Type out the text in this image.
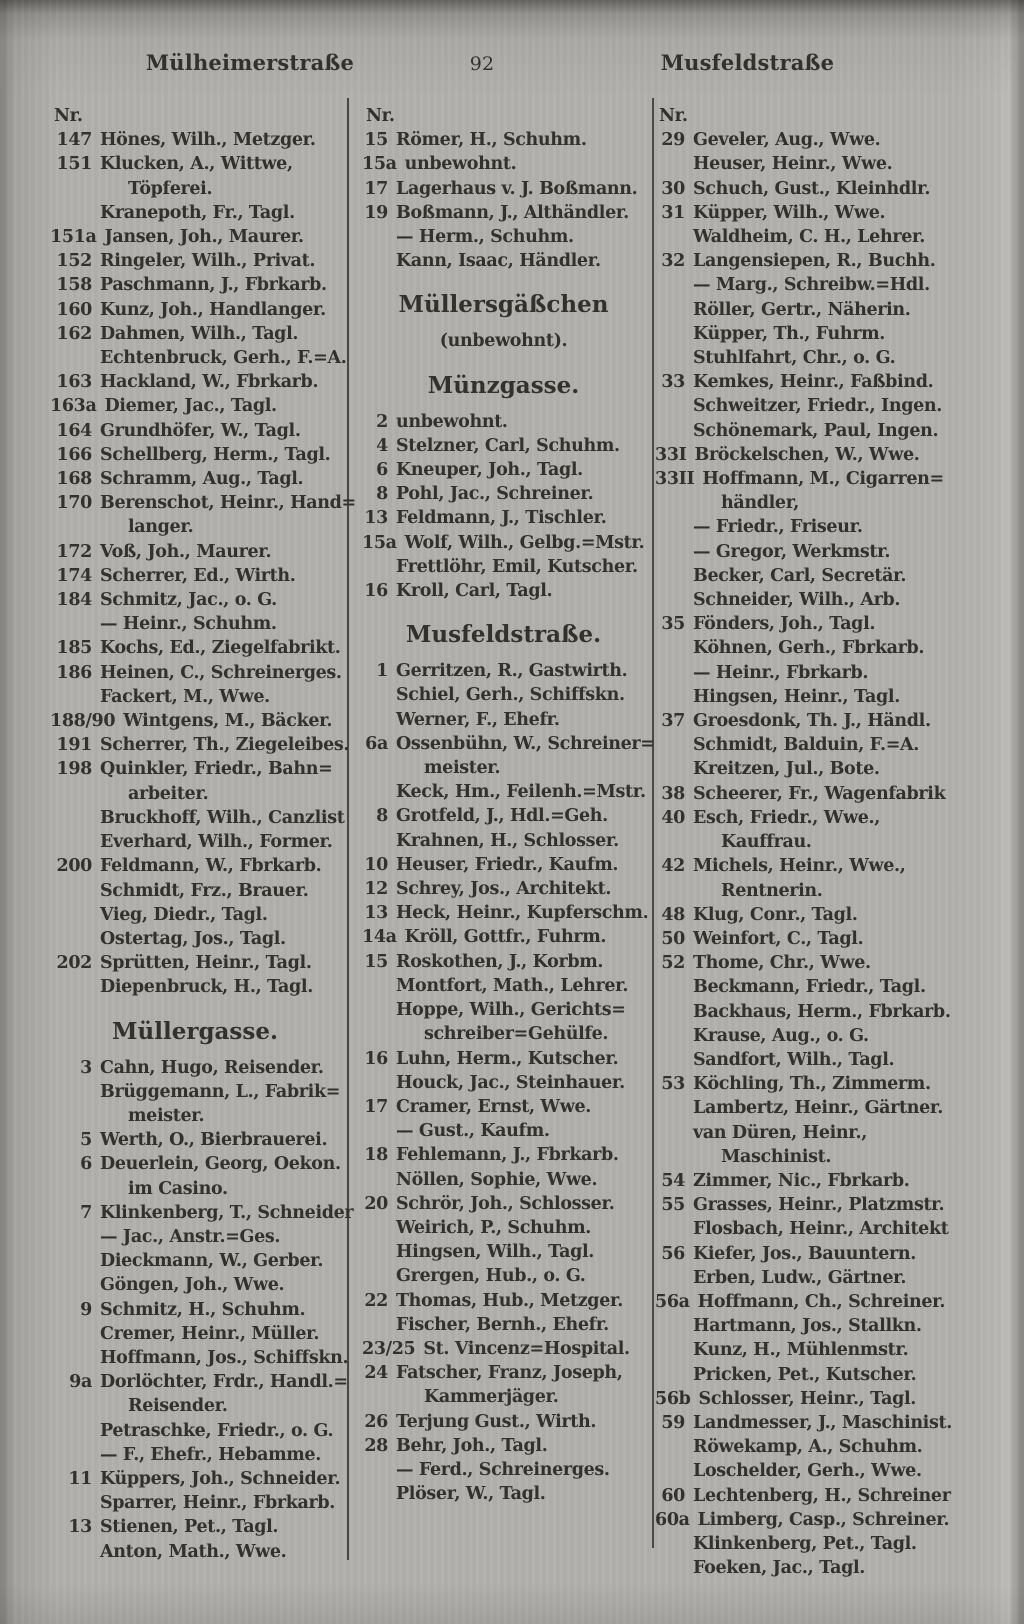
Mülheimerstraße	92	Musfeldstraße
Nr.
147 Hönes, Wilh., Metzger.
151 Klucken, A., Wittwe,
Töpferei.
Kranepoth, Fr., Tagl.
151a Jansen, Joh., Maurer.
152 Ringeler, Wilh., Privat.
158 Paschmann, J., Fbrkarb.
160 Kunz, Joh., Handlanger.
162 Dahmen, Wilh., Tagl.
Echtenbruck, Gerh., F.=A.
163 Hackland, W., Fbrkarb.
163a Diemer, Jac., Tagl.
164 Grundhöfer, W., Tagl.
166 Schellberg, Herm., Tagl.
168 Schramm, Aug., Tagl.
170 Berenschot, Heinr., Hand=
langer.
172 Voß, Joh., Maurer.
174 Scherrer, Ed., Wirth.
184 Schmitz, Jac., o. G.
— Heinr., Schuhm.
185 Kochs, Ed., Ziegelfabrikt.
186 Heinen, C., Schreinerges.
Fackert, M., Wwe.
188/90 Wintgens, M., Bäcker.
191 Scherrer, Th., Ziegeleibes.
198 Quinkler, Friedr., Bahn=
arbeiter.
Bruckhoff, Wilh., Canzlist
Everhard, Wilh., Former.
200 Feldmann, W., Fbrkarb.
Schmidt, Frz., Brauer.
Vieg, Diedr., Tagl.
Ostertag, Jos., Tagl.
202 Sprütten, Heinr., Tagl.
Diepenbruck, H., Tagl.
Müllergasse.
3 Cahn, Hugo, Reisender.
Brüggemann, L., Fabrik=
meister.
5 Werth, O., Bierbrauerei.
6 Deuerlein, Georg, Oekon.
im Casino.
7 Klinkenberg, T., Schneider
— Jac., Anstr.=Ges.
Dieckmann, W., Gerber.
Göngen, Joh., Wwe.
9 Schmitz, H., Schuhm.
Cremer, Heinr., Müller.
Hoffmann, Jos., Schiffskn.
9a Dorlöchter, Frdr., Handl.=
Reisender.
Petraschke, Friedr., o. G.
— F., Ehefr., Hebamme.
11 Küppers, Joh., Schneider.
Sparrer, Heinr., Fbrkarb.
13 Stienen, Pet., Tagl.
Anton, Math., Wwe.
Nr.
15 Römer, H., Schuhm.
15a unbewohnt.
17 Lagerhaus v. J. Boßmann.
19 Boßmann, J., Althändler.
— Herm., Schuhm.
Kann, Isaac, Händler.
Müllersgäßchen
(unbewohnt).
Münzgasse.
2 unbewohnt.
4 Stelzner, Carl, Schuhm.
6 Kneuper, Joh., Tagl.
8 Pohl, Jac., Schreiner.
13 Feldmann, J., Tischler.
15a Wolf, Wilh., Gelbg.=Mstr.
Frettlöhr, Emil, Kutscher.
16 Kroll, Carl, Tagl.
Musfeldstraße.
1 Gerritzen, R., Gastwirth.
Schiel, Gerh., Schiffskn.
Werner, F., Ehefr.
6a Ossenbühn, W., Schreiner=
meister.
Keck, Hm., Feilenh.=Mstr.
8 Grotfeld, J., Hdl.=Geh.
Krahnen, H., Schlosser.
10 Heuser, Friedr., Kaufm.
12 Schrey, Jos., Architekt.
13 Heck, Heinr., Kupferschm.
14a Kröll, Gottfr., Fuhrm.
15 Roskothen, J., Korbm.
Montfort, Math., Lehrer.
Hoppe, Wilh., Gerichts=
schreiber=Gehülfe.
16 Luhn, Herm., Kutscher.
Houck, Jac., Steinhauer.
17 Cramer, Ernst, Wwe.
— Gust., Kaufm.
18 Fehlemann, J., Fbrkarb.
Nöllen, Sophie, Wwe.
20 Schrör, Joh., Schlosser.
Weirich, P., Schuhm.
Hingsen, Wilh., Tagl.
Grergen, Hub., o. G.
22 Thomas, Hub., Metzger.
Fischer, Bernh., Ehefr.
23/25 St. Vincenz=Hospital.
24 Fatscher, Franz, Joseph,
Kammerjäger.
26 Terjung Gust., Wirth.
28 Behr, Joh., Tagl.
— Ferd., Schreinerges.
Plöser, W., Tagl.
Nr.
29 Geveler, Aug., Wwe.
Heuser, Heinr., Wwe.
30 Schuch, Gust., Kleinhdlr.
31 Küpper, Wilh., Wwe.
Waldheim, C. H., Lehrer.
32 Langensiepen, R., Buchh.
— Marg., Schreibw.=Hdl.
Röller, Gertr., Näherin.
Küpper, Th., Fuhrm.
Stuhlfahrt, Chr., o. G.
33 Kemkes, Heinr., Faßbind.
Schweitzer, Friedr., Ingen.
Schönemark, Paul, Ingen.
33I Bröckelschen, W., Wwe.
33II Hoffmann, M., Cigarren=
händler,
— Friedr., Friseur.
— Gregor, Werkmstr.
Becker, Carl, Secretär.
Schneider, Wilh., Arb.
35 Fönders, Joh., Tagl.
Köhnen, Gerh., Fbrkarb.
— Heinr., Fbrkarb.
Hingsen, Heinr., Tagl.
37 Groesdonk, Th. J., Händl.
Schmidt, Balduin, F.=A.
Kreitzen, Jul., Bote.
38 Scheerer, Fr., Wagenfabrik
40 Esch, Friedr., Wwe.,
Kauffrau.
42 Michels, Heinr., Wwe.,
Rentnerin.
48 Klug, Conr., Tagl.
50 Weinfort, C., Tagl.
52 Thome, Chr., Wwe.
Beckmann, Friedr., Tagl.
Backhaus, Herm., Fbrkarb.
Krause, Aug., o. G.
Sandfort, Wilh., Tagl.
53 Köchling, Th., Zimmerm.
Lambertz, Heinr., Gärtner.
van Düren, Heinr.,
Maschinist.
54 Zimmer, Nic., Fbrkarb.
55 Grasses, Heinr., Platzmstr.
Flosbach, Heinr., Architekt
56 Kiefer, Jos., Bauuntern.
Erben, Ludw., Gärtner.
56a Hoffmann, Ch., Schreiner.
Hartmann, Jos., Stallkn.
Kunz, H., Mühlenmstr.
Pricken, Pet., Kutscher.
56b Schlosser, Heinr., Tagl.
59 Landmesser, J., Maschinist.
Röwekamp, A., Schuhm.
Loschelder, Gerh., Wwe.
60 Lechtenberg, H., Schreiner
60a Limberg, Casp., Schreiner.
Klinkenberg, Pet., Tagl.
Foeken, Jac., Tagl.
